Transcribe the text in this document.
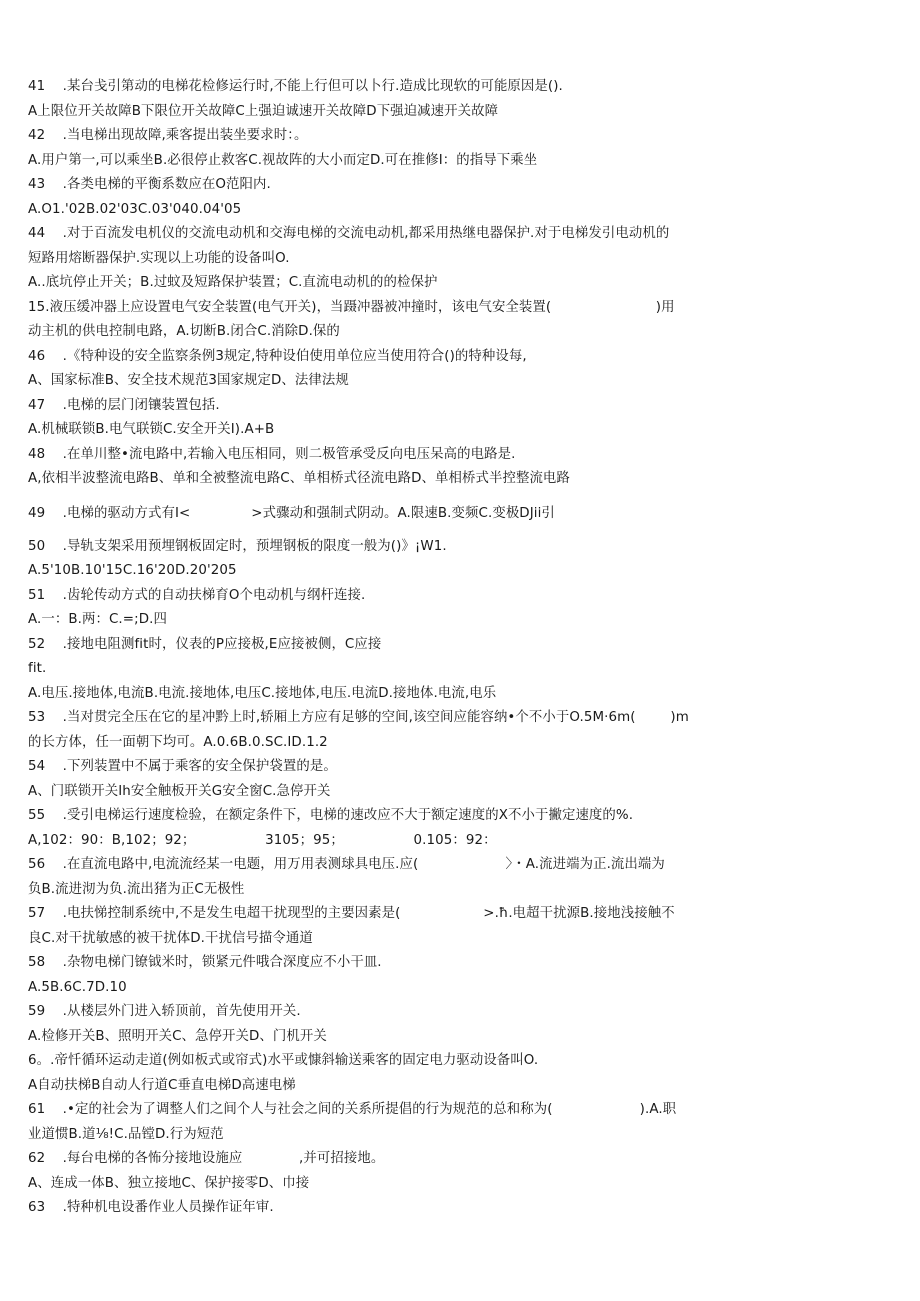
41    .某台戋引第动的电梯花检修运行时,不能上行但可以卜行.造成比现软的可能原因是().
A上限位开关故障B下限位开关故障C上强迫诚速开关故障D下强迫减速开关故障
42    .当电梯出现故障,乘客提出装坐要求时：。
A.用户第一,可以乘坐B.必很停止救客C.视故阵的大小而定D.可在推修I：的指导下乘坐
43    .各类电梯的平衡系数应在O范阳内.
A.O1.'02B.02'03C.03'040.04'05
44    .对于百流发电机仪的交流电动机和交海电梯的交流电动机,都采用热继电器保护.对于电梯发引电动机的
短路用熔断器保护.实现以上功能的设备叫O.
A..底坑停止开关；B.过蚊及短路保护装置；C.直流电动机的的检保护
15.液压缓冲器上应设置电气安全装置(电气开关)，当蹑冲器被冲撞时，该电气安全装置(                        )用
动主机的供电控制电路，A.切断B.闭合C.消除D.保的
46    .《特种设的安全监察条例3规定,特种设伯使用单位应当使用符合()的特种设每,
A、国家标准B、安全技术规范3国家规定D、法律法规
47    .电梯的层门闭镶装置包括.
A.机械联锁B.电气联锁C.安全开关I).A+B
48    .在单川整•流电路中,若输入电压相同，则二极管承受反向电压呆高的电路是.
A,依相半波整流电路B、单和全被整流电路C、单相桥式径流电路D、单相桥式半控整流电路
49    .电梯的驱动方式有I<              >式骤动和强制式阴动。A.限速B.变频C.变极DJii引
50    .导轨支架采用预埋钢板固定时，预埋钢板的限度一般为()》¡W1.
A.5'10B.10'15C.16'20D.20'205
51    .齿轮传动方式的自动扶梯育O个电动机与纲杆连接.
A.一：B.两：C.=;D.四
52    .接地电阻测fit时，仪表的P应接极,E应接被侧，C应接
fit.
A.电压.接地体,电流B.电流.接地体,电压C.接地体,电压.电流D.接地体.电流,电乐
53    .当对贯完全压在它的星冲黔上时,轿厢上方应有足够的空间,该空间应能容纳•个不小于O.5M·6m(        )m
的长方体，任一面朝下均可。A.0.6B.0.SC.ID.1.2
54    .下列装置中不属于乘客的安全保护袋置的是。
A、门联锁开关Ih安全触板开关G安全窗C.急停开关
55    .受引电梯运行速度检验，在额定条件下，电梯的速改应不大于额定速度的X不小于撇定速度的%.
A,102：90：B,102；92；                3105；95；                0.105：92：
56    .在直流电路中,电流流经某一电题，用万用表测球具电压.应(                    〉・A.流进端为正.流出端为
负B.流进沏为负.流出猪为正C无极性
57    .电扶悌控制系统中,不是发生电超干扰现型的主要因素是(                   >.ħ.电超干扰源B.接地浅接触不
良C.对干扰敏感的被干扰体D.干扰信号描令通道
58    .杂物电梯门镣钺米时，锁紧元件哦合深度应不小干皿.
A.5B.6C.7D.10
59    .从楼层外门进入轿顶前，首先使用开关.
A.检修开关B、照明开关C、急停开关D、门机开关
6。.帝忏循环运动走道(例如板式或帘式)水平或慷斜输送乘客的固定电力驱动设备叫O.
A自动扶梯B自动人行道C垂直电梯D高速电梯
61    .•定的社会为了调整人们之间个人与社会之间的关系所提倡的行为规范的总和称为(                    ).A.职
业道惯B.道⅛!C.品镗D.行为短范
62    .每台电梯的各怖分接地设施应             ,并可招接地。
A、连成一体B、独立接地C、保护接零D、巾接
63    .特种机电设番作业人员操作证年审.
